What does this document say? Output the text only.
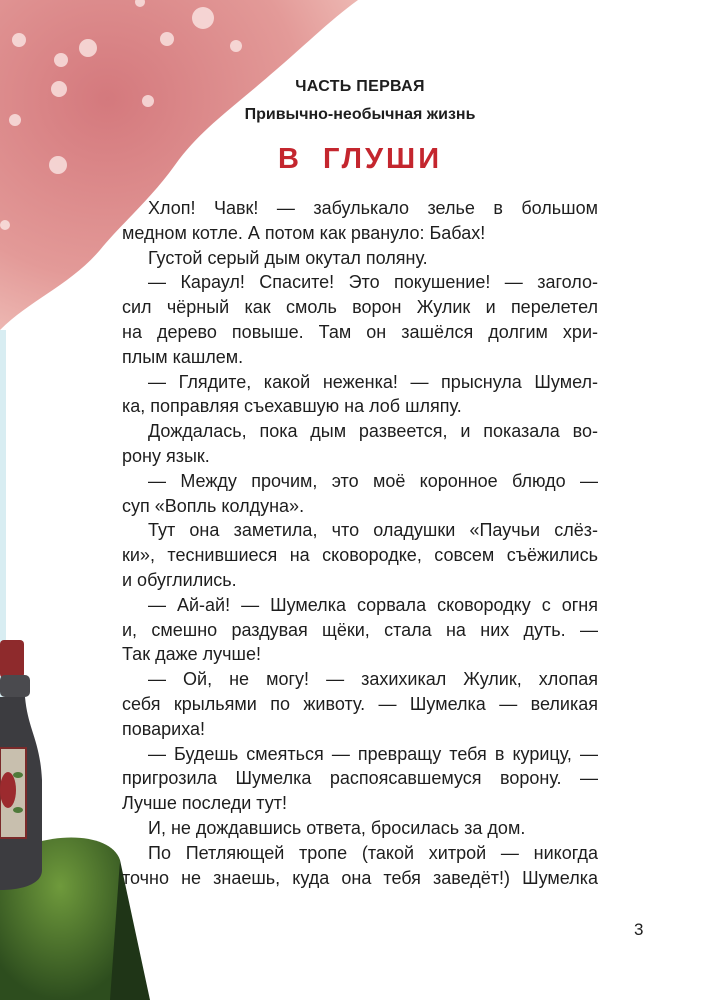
ЧАСТЬ ПЕРВАЯ
Привычно-необычная жизнь
В ГЛУШИ
Хлоп! Чавк! — забулькало зелье в большом
медном котле. А потом как рвануло: Бабах!
Густой серый дым окутал поляну.
— Караул! Спасите! Это покушение! — заголо-
сил чёрный как смоль ворон Жулик и перелетел
на дерево повыше. Там он зашёлся долгим хри-
плым кашлем.
— Глядите, какой неженка! — прыснула Шумел-
ка, поправляя съехавшую на лоб шляпу.
Дождалась, пока дым развеется, и показала во-
рону язык.
— Между прочим, это моё коронное блюдо —
суп «Вопль колдуна».
Тут она заметила, что оладушки «Паучьи слёз-
ки», теснившиеся на сковородке, совсем съёжились
и обуглились.
— Ай-ай! — Шумелка сорвала сковородку с огня
и, смешно раздувая щёки, стала на них дуть. —
Так даже лучше!
— Ой, не могу! — захихикал Жулик, хлопая
себя крыльями по животу. — Шумелка — великая
повариха!
— Будешь смеяться — превращу тебя в курицу, —
пригрозила Шумелка распоясавшемуся ворону. —
Лучше последи тут!
И, не дождавшись ответа, бросилась за дом.
По Петляющей тропе (такой хитрой — никогда
точно не знаешь, куда она тебя заведёт!) Шумелка
3
